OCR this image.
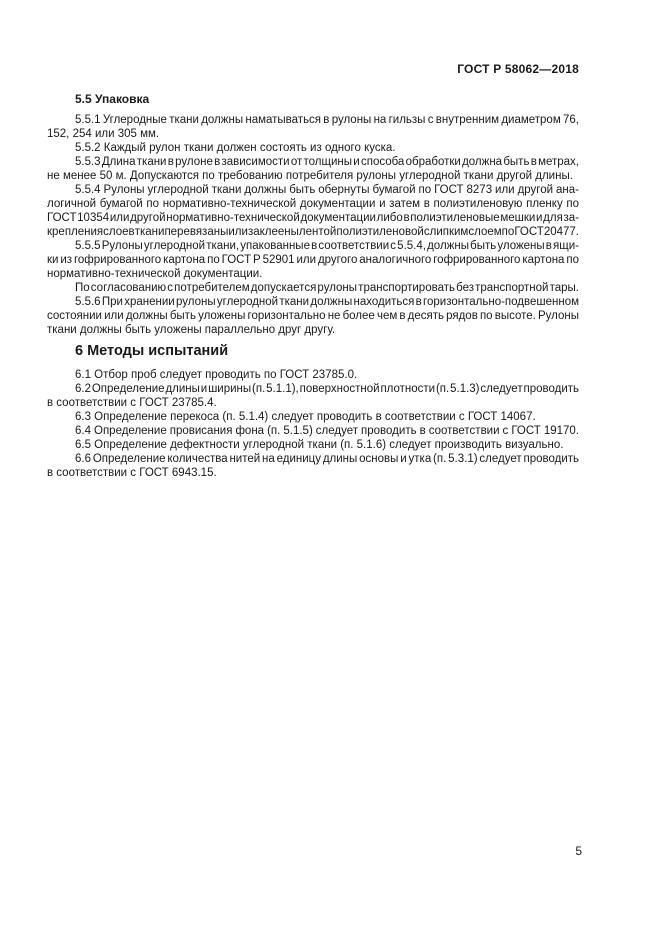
ГОСТ Р 58062—2018
5.5 Упаковка
5.5.1 Углеродные ткани должны наматываться в рулоны на гильзы с внутренним диаметром 76,
152, 254 или 305 мм.
5.5.2 Каждый рулон ткани должен состоять из одного куска.
5.5.3 Длина ткани в рулоне в зависимости от толщины и способа обработки должна быть в метрах,
не менее 50 м. Допускаются по требованию потребителя рулоны углеродной ткани другой длины.
5.5.4 Рулоны углеродной ткани должны быть обернуты бумагой по ГОСТ 8273 или другой ана-
логичной бумагой по нормативно-технической документации и затем в полиэтиленовую пленку по
ГОСТ 10354 или другой нормативно-технической документации либо в полиэтиленовые мешки и для за-
крепления слоев ткани перевязаны или заклеены лентой полиэтиленовой с липким слоем по ГОСТ 20477.
5.5.5 Рулоны углеродной ткани, упакованные в соответствии с 5.5.4, должны быть уложены в ящи-
ки из гофрированного картона по ГОСТ Р 52901 или другого аналогичного гофрированного картона по
нормативно-технической документации.
По согласованию с потребителем допускается рулоны транспортировать без транспортной тары.
5.5.6 При хранении рулоны углеродной ткани должны находиться в горизонтально-подвешенном
состоянии или должны быть уложены горизонтально не более чем в десять рядов по высоте. Рулоны
ткани должны быть уложены параллельно друг другу.
6 Методы испытаний
6.1 Отбор проб следует проводить по ГОСТ 23785.0.
6.2 Определение длины и ширины (п. 5.1.1), поверхностной плотности (п. 5.1.3) следует проводить
в соответствии с ГОСТ 23785.4.
6.3 Определение перекоса (п. 5.1.4) следует проводить в соответствии с ГОСТ 14067.
6.4 Определение провисания фона (п. 5.1.5) следует проводить в соответствии с ГОСТ 19170.
6.5 Определение дефектности углеродной ткани (п. 5.1.6) следует производить визуально.
6.6 Определение количества нитей на единицу длины основы и утка (п. 5.3.1) следует проводить
в соответствии с ГОСТ 6943.15.
5
